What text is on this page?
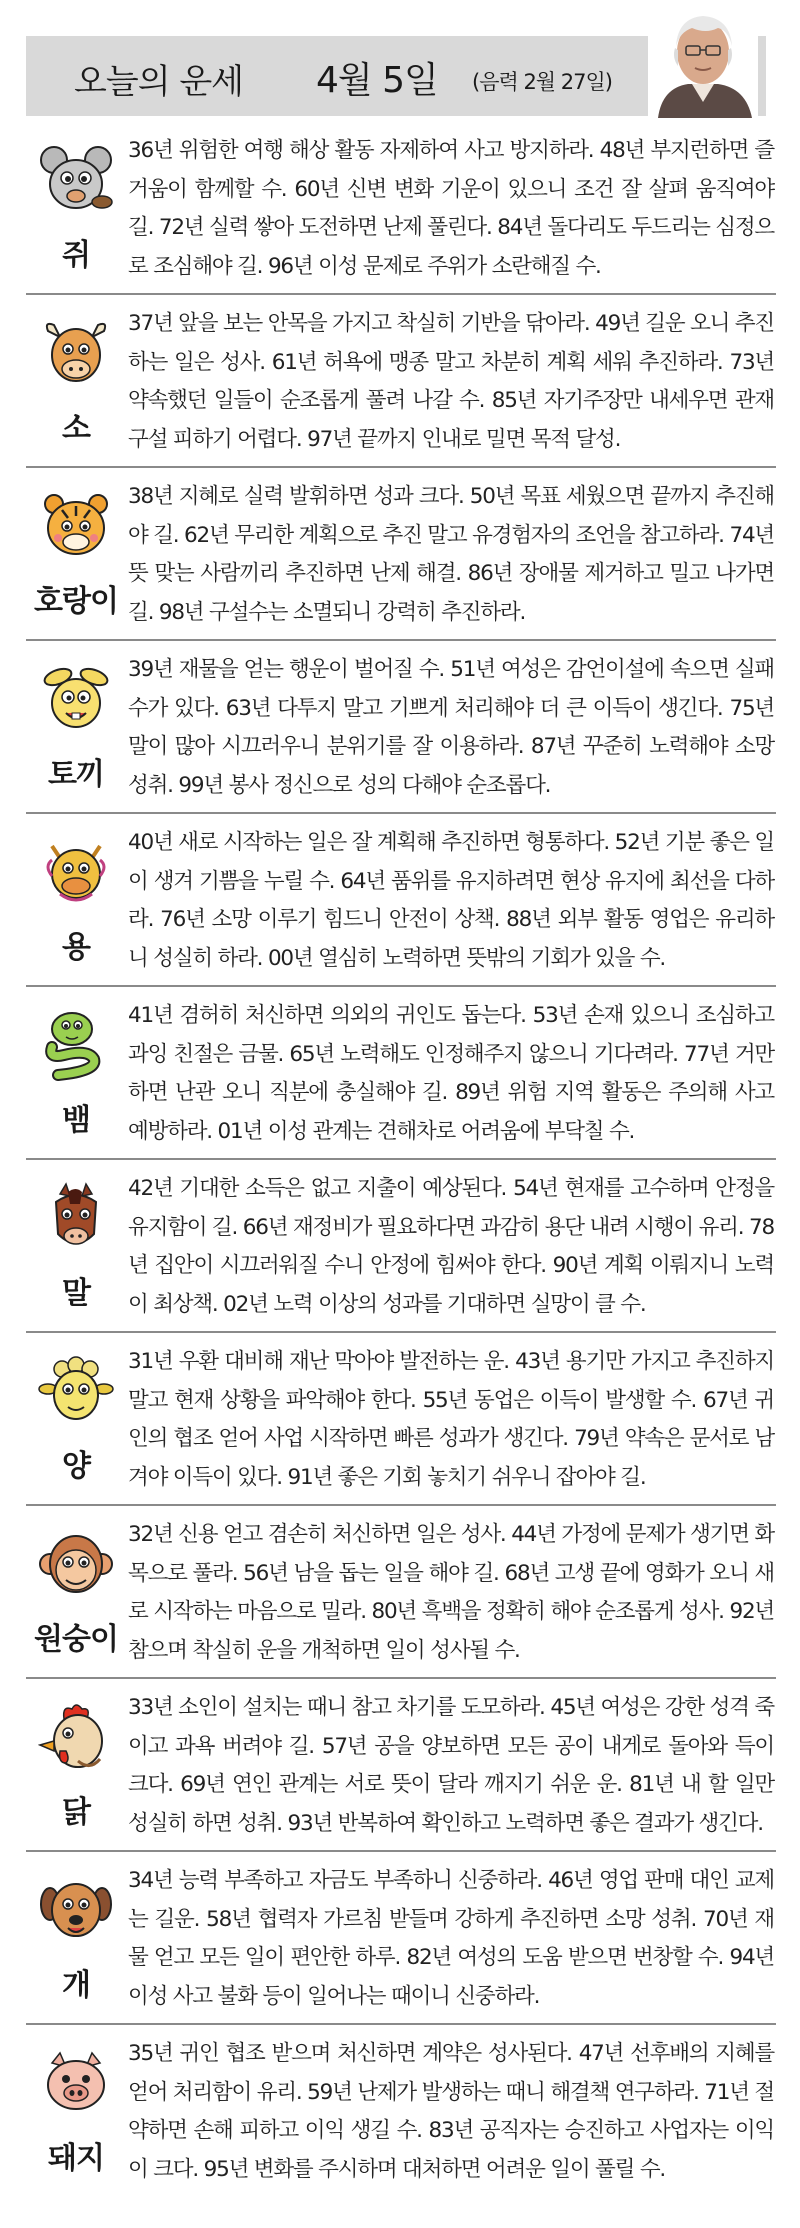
오늘의 운세 4월 5일 (음력 2월 27일)
쥐
36년 위험한 여행 해상 활동 자제하여 사고 방지하라. 48년 부지런하면 즐거움이 함께할 수. 60년 신변 변화 기운이 있으니 조건 잘 살펴 움직여야 길. 72년 실력 쌓아 도전하면 난제 풀린다. 84년 돌다리도 두드리는 심정으로 조심해야 길. 96년 이성 문제로 주위가 소란해질 수.
소
37년 앞을 보는 안목을 가지고 착실히 기반을 닦아라. 49년 길운 오니 추진하는 일은 성사. 61년 허욕에 맹종 말고 차분히 계획 세워 추진하라. 73년 약속했던 일들이 순조롭게 풀려 나갈 수. 85년 자기주장만 내세우면 관재구설 피하기 어렵다. 97년 끝까지 인내로 밀면 목적 달성.
호랑이
38년 지혜로 실력 발휘하면 성과 크다. 50년 목표 세웠으면 끝까지 추진해야 길. 62년 무리한 계획으로 추진 말고 유경험자의 조언을 참고하라. 74년 뜻 맞는 사람끼리 추진하면 난제 해결. 86년 장애물 제거하고 밀고 나가면 길. 98년 구설수는 소멸되니 강력히 추진하라.
토끼
39년 재물을 얻는 행운이 벌어질 수. 51년 여성은 감언이설에 속으면 실패 수가 있다. 63년 다투지 말고 기쁘게 처리해야 더 큰 이득이 생긴다. 75년 말이 많아 시끄러우니 분위기를 잘 이용하라. 87년 꾸준히 노력해야 소망 성취. 99년 봉사 정신으로 성의 다해야 순조롭다.
용
40년 새로 시작하는 일은 잘 계획해 추진하면 형통하다. 52년 기분 좋은 일이 생겨 기쁨을 누릴 수. 64년 품위를 유지하려면 현상 유지에 최선을 다하라. 76년 소망 이루기 힘드니 안전이 상책. 88년 외부 활동 영업은 유리하니 성실히 하라. 00년 열심히 노력하면 뜻밖의 기회가 있을 수.
뱀
41년 겸허히 처신하면 의외의 귀인도 돕는다. 53년 손재 있으니 조심하고 과잉 친절은 금물. 65년 노력해도 인정해주지 않으니 기다려라. 77년 거만하면 난관 오니 직분에 충실해야 길. 89년 위험 지역 활동은 주의해 사고 예방하라. 01년 이성 관계는 견해차로 어려움에 부닥칠 수.
말
42년 기대한 소득은 없고 지출이 예상된다. 54년 현재를 고수하며 안정을 유지함이 길. 66년 재정비가 필요하다면 과감히 용단 내려 시행이 유리. 78년 집안이 시끄러워질 수니 안정에 힘써야 한다. 90년 계획 이뤄지니 노력이 최상책. 02년 노력 이상의 성과를 기대하면 실망이 클 수.
양
31년 우환 대비해 재난 막아야 발전하는 운. 43년 용기만 가지고 추진하지 말고 현재 상황을 파악해야 한다. 55년 동업은 이득이 발생할 수. 67년 귀인의 협조 얻어 사업 시작하면 빠른 성과가 생긴다. 79년 약속은 문서로 남겨야 이득이 있다. 91년 좋은 기회 놓치기 쉬우니 잡아야 길.
원숭이
32년 신용 얻고 겸손히 처신하면 일은 성사. 44년 가정에 문제가 생기면 화목으로 풀라. 56년 남을 돕는 일을 해야 길. 68년 고생 끝에 영화가 오니 새로 시작하는 마음으로 밀라. 80년 흑백을 정확히 해야 순조롭게 성사. 92년 참으며 착실히 운을 개척하면 일이 성사될 수.
닭
33년 소인이 설치는 때니 참고 차기를 도모하라. 45년 여성은 강한 성격 죽이고 과욕 버려야 길. 57년 공을 양보하면 모든 공이 내게로 돌아와 득이 크다. 69년 연인 관계는 서로 뜻이 달라 깨지기 쉬운 운. 81년 내 할 일만 성실히 하면 성취. 93년 반복하여 확인하고 노력하면 좋은 결과가 생긴다.
개
34년 능력 부족하고 자금도 부족하니 신중하라. 46년 영업 판매 대인 교제는 길운. 58년 협력자 가르침 받들며 강하게 추진하면 소망 성취. 70년 재물 얻고 모든 일이 편안한 하루. 82년 여성의 도움 받으면 번창할 수. 94년 이성 사고 불화 등이 일어나는 때이니 신중하라.
돼지
35년 귀인 협조 받으며 처신하면 계약은 성사된다. 47년 선후배의 지혜를 얻어 처리함이 유리. 59년 난제가 발생하는 때니 해결책 연구하라. 71년 절약하면 손해 피하고 이익 생길 수. 83년 공직자는 승진하고 사업자는 이익이 크다. 95년 변화를 주시하며 대처하면 어려운 일이 풀릴 수.
